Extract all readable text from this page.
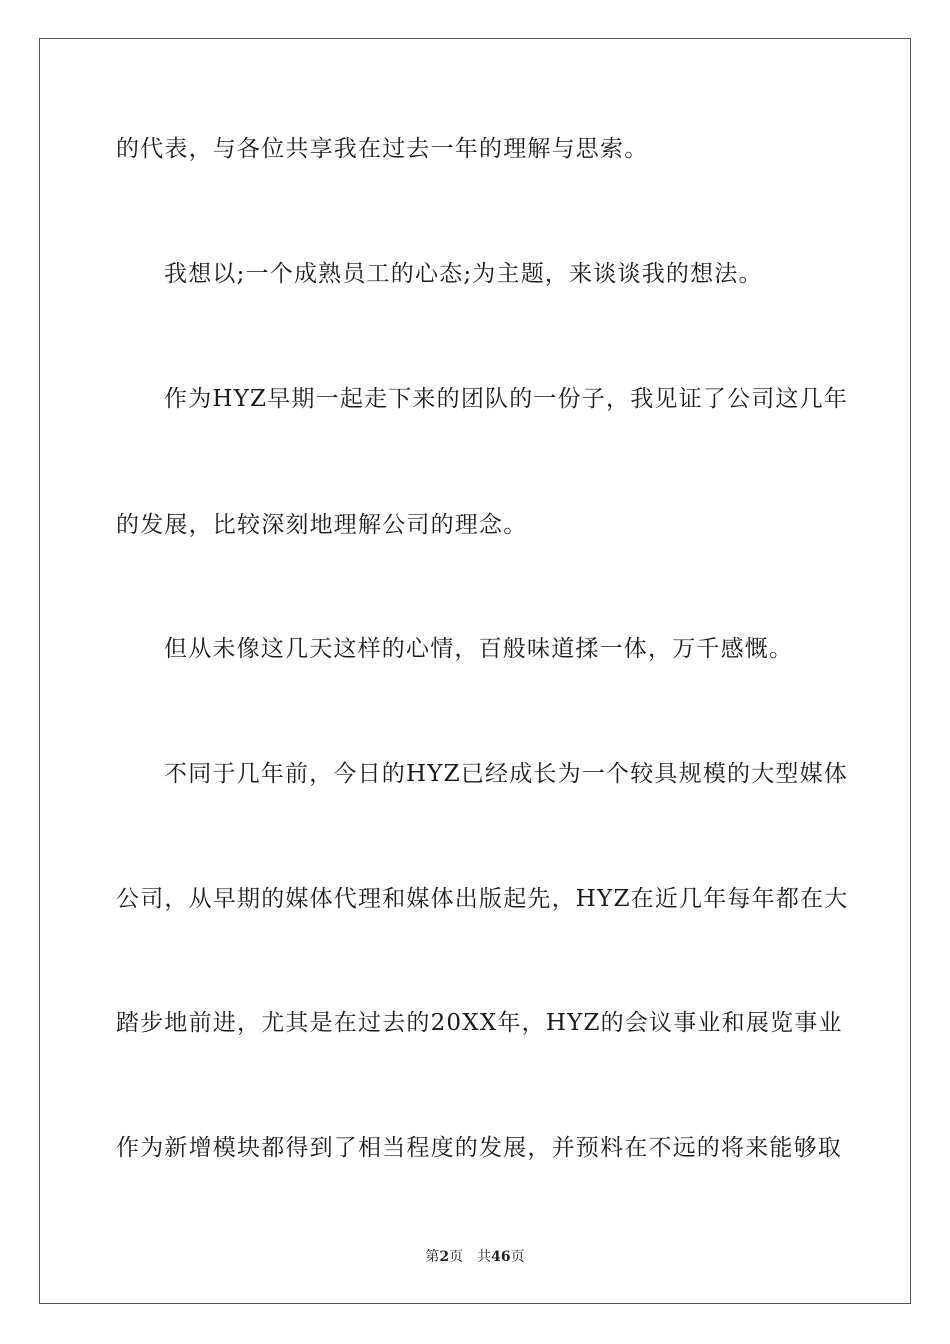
的代表，与各位共享我在过去一年的理解与思索。
我想以;一个成熟员工的心态;为主题，来谈谈我的想法。
作为HYZ早期一起走下来的团队的一份子，我见证了公司这几年
的发展，比较深刻地理解公司的理念。
但从未像这几天这样的心情，百般味道揉一体，万千感慨。
不同于几年前，今日的HYZ已经成长为一个较具规模的大型媒体
公司，从早期的媒体代理和媒体出版起先，HYZ在近几年每年都在大
踏步地前进，尤其是在过去的20XX年，HYZ的会议事业和展览事业
作为新增模块都得到了相当程度的发展，并预料在不远的将来能够取
第2页 共46页
